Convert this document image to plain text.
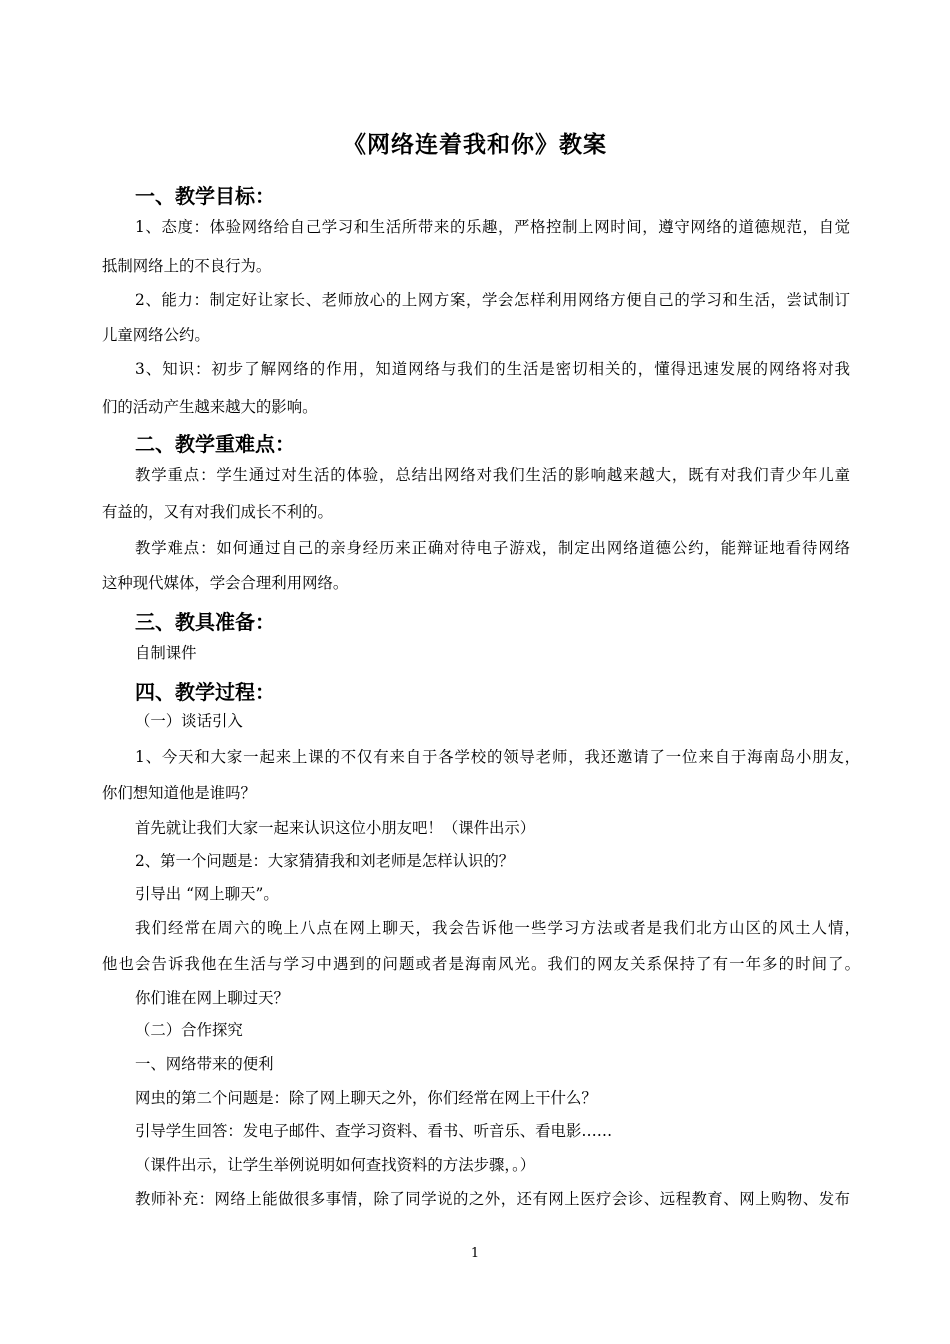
《网络连着我和你》教案
一、教学目标：
1、态度：体验网络给自己学习和生活所带来的乐趣，严格控制上网时间，遵守网络的道德规范，自觉
抵制网络上的不良行为。
2、能力：制定好让家长、老师放心的上网方案，学会怎样利用网络方便自己的学习和生活，尝试制订
儿童网络公约。
3、知识：初步了解网络的作用，知道网络与我们的生活是密切相关的，懂得迅速发展的网络将对我
们的活动产生越来越大的影响。
二、教学重难点：
教学重点：学生通过对生活的体验，总结出网络对我们生活的影响越来越大，既有对我们青少年儿童
有益的，又有对我们成长不利的。
教学难点：如何通过自己的亲身经历来正确对待电子游戏，制定出网络道德公约，能辩证地看待网络
这种现代媒体，学会合理利用网络。
三、教具准备：
自制课件
四、教学过程：
（一）谈话引入
1、今天和大家一起来上课的不仅有来自于各学校的领导老师，我还邀请了一位来自于海南岛小朋友，
你们想知道他是谁吗？
首先就让我们大家一起来认识这位小朋友吧！（课件出示）
2、第一个问题是：大家猜猜我和刘老师是怎样认识的？
引导出 “网上聊天”。
我们经常在周六的晚上八点在网上聊天，我会告诉他一些学习方法或者是我们北方山区的风土人情，
他也会告诉我他在生活与学习中遇到的问题或者是海南风光。我们的网友关系保持了有一年多的时间了。
你们谁在网上聊过天？
（二）合作探究
一、网络带来的便利
网虫的第二个问题是：除了网上聊天之外，你们经常在网上干什么？
引导学生回答：发电子邮件、查学习资料、看书、听音乐、看电影……
（课件出示，让学生举例说明如何查找资料的方法步骤，。）
教师补充：网络上能做很多事情，除了同学说的之外，还有网上医疗会诊、远程教育、网上购物、发布
1
